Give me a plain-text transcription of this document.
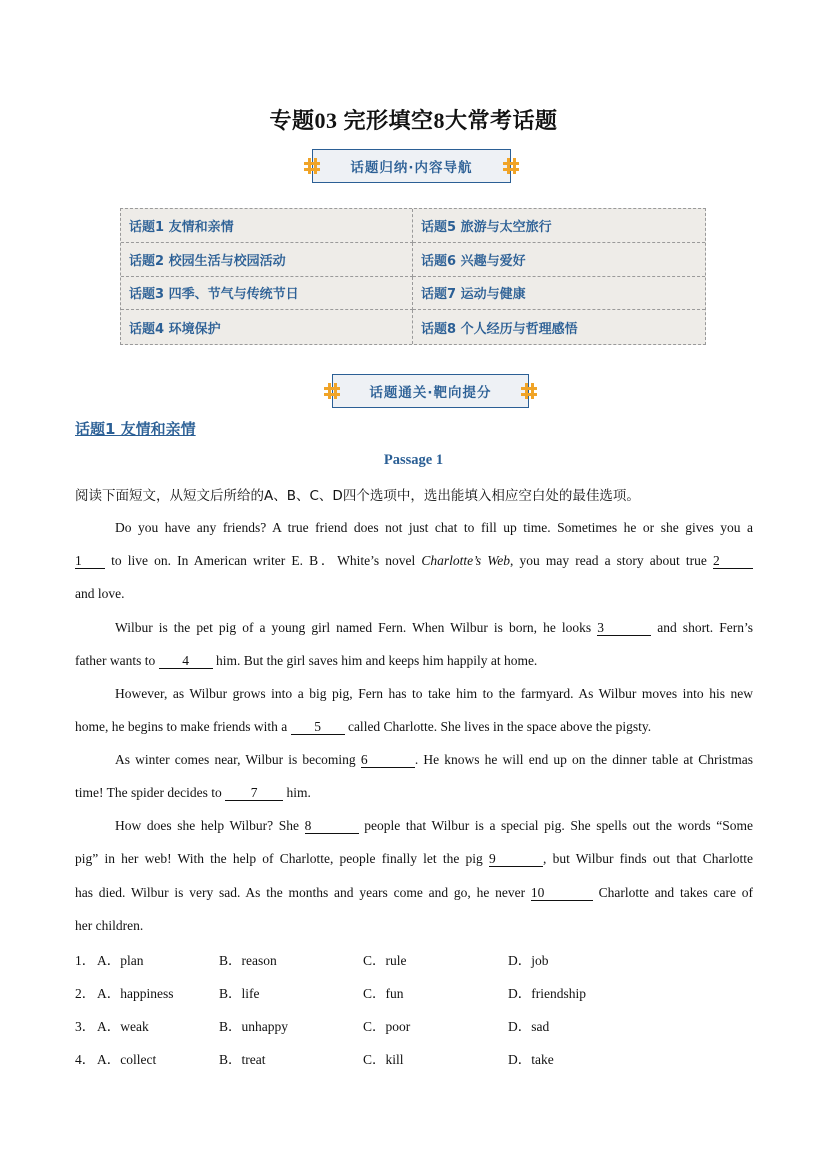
专题03 完形填空8大常考话题
话题归纳·内容导航
话题1 友情和亲情	话题5 旅游与太空旅行
话题2 校园生活与校园活动	话题6 兴趣与爱好
话题3 四季、节气与传统节日	话题7 运动与健康
话题4 环境保护	话题8 个人经历与哲理感悟
话题通关·靶向提分
话题1 友情和亲情
Passage 1
阅读下面短文，从短文后所给的A、B、C、D四个选项中，选出能填入相应空白处的最佳选项。
Do you have any friends? A true friend does not just chat to fill up time. Sometimes he or she gives you a
1 to live on. In American writer E. B．White’s novel Charlotte’s Web, you may read a story about true 2
and love.
Wilbur is the pet pig of a young girl named Fern. When Wilbur is born, he looks 3	and short. Fern’s
father wants to 4 him. But the girl saves him and keeps him happily at home.
However, as Wilbur grows into a big pig, Fern has to take him to the farmyard. As Wilbur moves into his new
home, he begins to make friends with a 5 called Charlotte. She lives in the space above the pigsty.
As winter comes near, Wilbur is becoming 6	. He knows he will end up on the dinner table at Christmas
time! The spider decides to 7 him.
How does she help Wilbur? She 8	people that Wilbur is a special pig. She spells out the words “Some
pig” in her web! With the help of Charlotte, people finally let the pig 9	, but Wilbur finds out that Charlotte
has died. Wilbur is very sad. As the months and years come and go, he never 10	Charlotte and takes care of
her children.
1． A．plan	B．reason	C．rule	D．job
2． A．happiness	B．life	C．fun	D．friendship
3． A．weak	B．unhappy	C．poor	D．sad
4． A．collect	B．treat	C．kill	D．take
